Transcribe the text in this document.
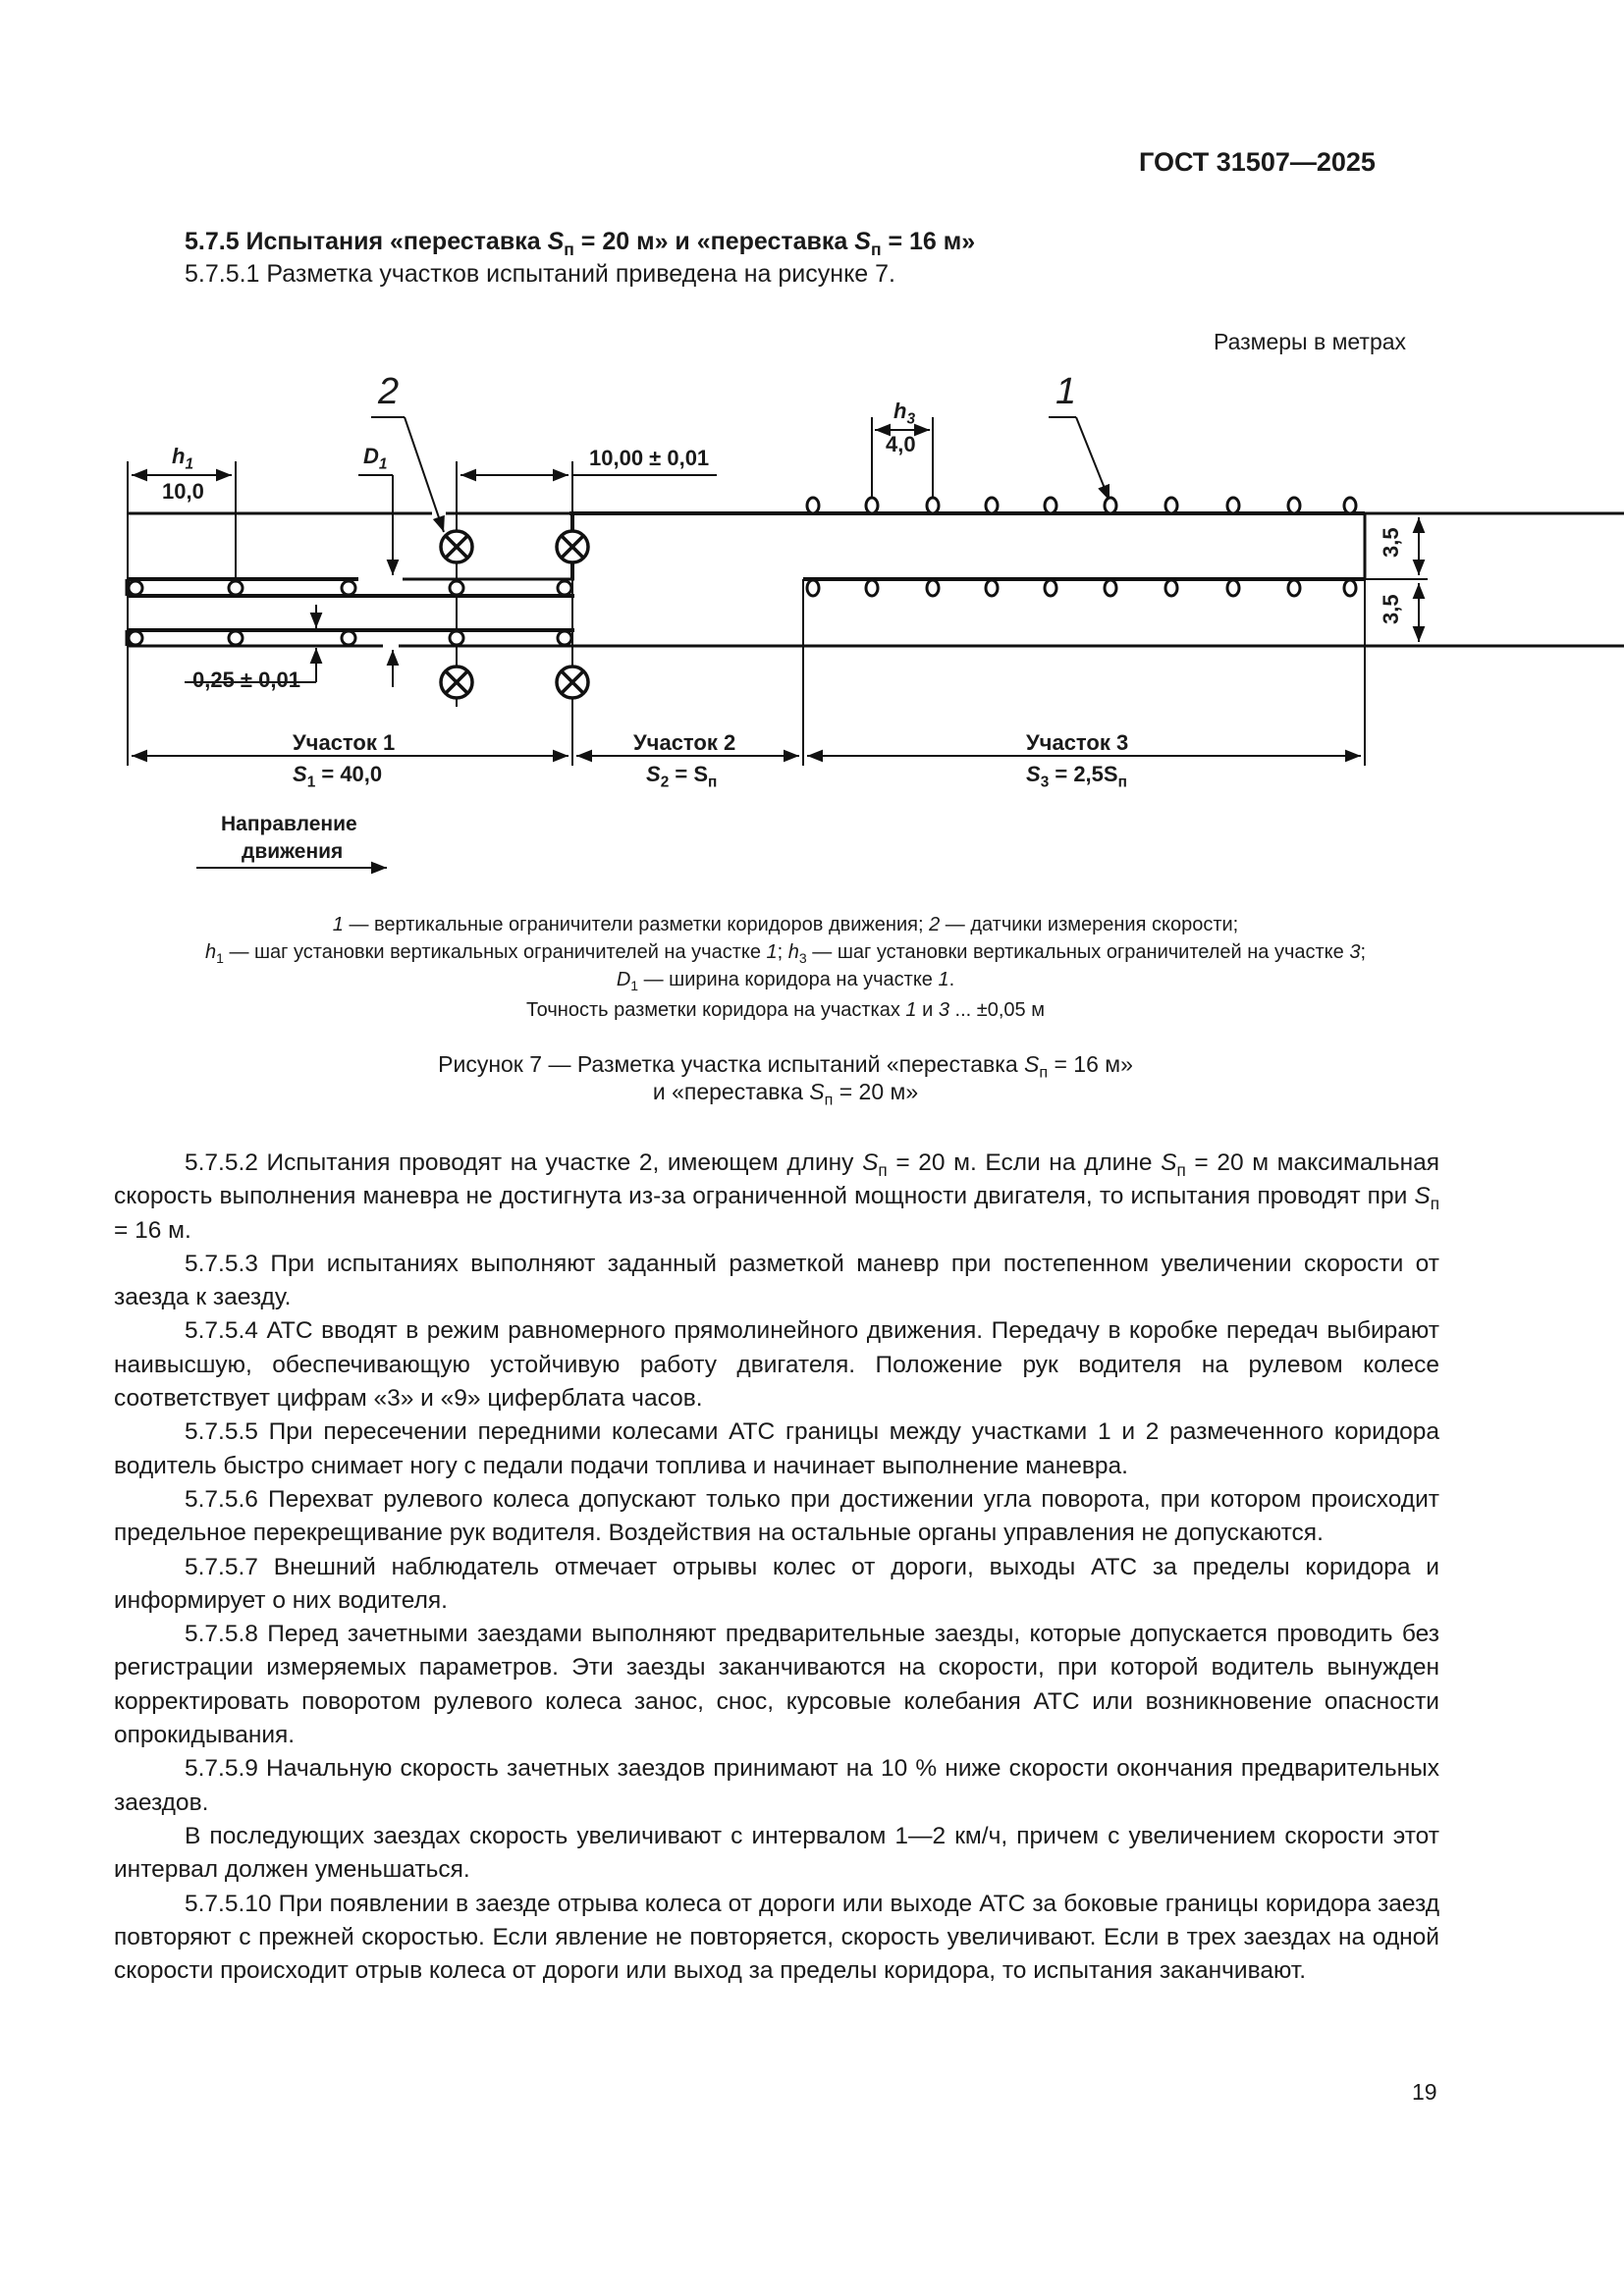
ГОСТ 31507—2025
5.7.5 Испытания «переставка $S_п = 20$ м» и «переставка $S_п = 16$ м»
5.7.5.1 Разметка участков испытаний приведена на рисунке 7.
Размеры в метрах
2	1
$h_1$
10,0
$D_1$	10,00 ± 0,01
$h_3$
4,0
0,25 ± 0,01
3,5
3,5
Участок 1
$S_1 = 40,0$
Участок 2
$S_2 = S_п$
Участок 3
$S_3 = 2,5S_п$
Направление
движения
1 — вертикальные ограничители разметки коридоров движения; 2 — датчики измерения скорости;
$h_1$ — шаг установки вертикальных ограничителей на участке 1; $h_3$ — шаг установки вертикальных ограничителей на участке 3;
$D_1$ — ширина коридора на участке 1.
Точность разметки коридора на участках 1 и 3 ... ±0,05 м
Рисунок 7 — Разметка участка испытаний «переставка $S_п = 16$ м»
и «переставка $S_п = 20$ м»

5.7.5.2 Испытания проводят на участке 2, имеющем длину $S_п = 20$ м. Если на длине $S_п = 20$ м максимальная скорость выполнения маневра не достигнута из-за ограниченной мощности двигателя, то испытания проводят при $S_п = 16$ м.

5.7.5.3 При испытаниях выполняют заданный разметкой маневр при постепенном увеличении скорости от заезда к заезду.

5.7.5.4 АТС вводят в режим равномерного прямолинейного движения. Передачу в коробке передач выбирают наивысшую, обеспечивающую устойчивую работу двигателя. Положение рук водителя на рулевом колесе соответствует цифрам «3» и «9» циферблата часов.

5.7.5.5 При пересечении передними колесами АТС границы между участками 1 и 2 размеченного коридора водитель быстро снимает ногу с педали подачи топлива и начинает выполнение маневра.

5.7.5.6 Перехват рулевого колеса допускают только при достижении угла поворота, при котором происходит предельное перекрещивание рук водителя. Воздействия на остальные органы управления не допускаются.

5.7.5.7 Внешний наблюдатель отмечает отрывы колес от дороги, выходы АТС за пределы коридора и информирует о них водителя.

5.7.5.8 Перед зачетными заездами выполняют предварительные заезды, которые допускается проводить без регистрации измеряемых параметров. Эти заезды заканчиваются на скорости, при которой водитель вынужден корректировать поворотом рулевого колеса занос, снос, курсовые колебания АТС или возникновение опасности опрокидывания.

5.7.5.9 Начальную скорость зачетных заездов принимают на 10 % ниже скорости окончания предварительных заездов.

В последующих заездах скорость увеличивают с интервалом 1—2 км/ч, причем с увеличением скорости этот интервал должен уменьшаться.

5.7.5.10 При появлении в заезде отрыва колеса от дороги или выходе АТС за боковые границы коридора заезд повторяют с прежней скоростью. Если явление не повторяется, скорость увеличивают. Если в трех заездах на одной скорости происходит отрыв колеса от дороги или выход за пределы коридора, то испытания заканчивают.

19
